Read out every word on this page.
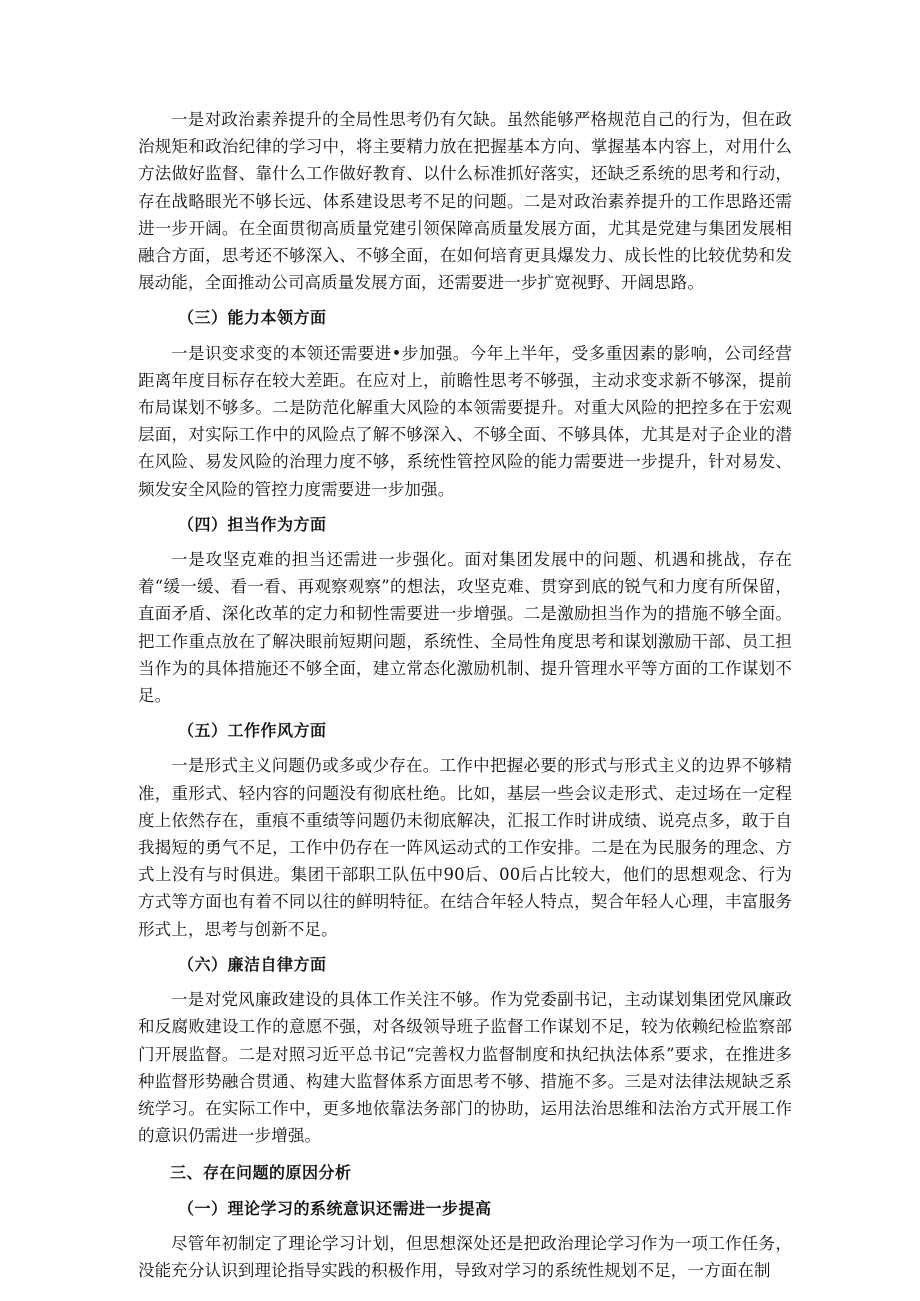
一是对政治素养提升的全局性思考仍有欠缺。虽然能够严格规范自己的行为，但在政治规矩和政治纪律的学习中，将主要精力放在把握基本方向、掌握基本内容上，对用什么方法做好监督、靠什么工作做好教育、以什么标准抓好落实，还缺乏系统的思考和行动，存在战略眼光不够长远、体系建设思考不足的问题。二是对政治素养提升的工作思路还需进一步开阔。在全面贯彻高质量党建引领保障高质量发展方面，尤其是党建与集团发展相融合方面，思考还不够深入、不够全面，在如何培育更具爆发力、成长性的比较优势和发展动能，全面推动公司高质量发展方面，还需要进一步扩宽视野、开阔思路。

（三）能力本领方面

一是识变求变的本领还需要进•步加强。今年上半年，受多重因素的影响，公司经营距离年度目标存在较大差距。在应对上，前瞻性思考不够强，主动求变求新不够深，提前布局谋划不够多。二是防范化解重大风险的本领需要提升。对重大风险的把控多在于宏观层面，对实际工作中的风险点了解不够深入、不够全面、不够具体，尤其是对子企业的潜在风险、易发风险的治理力度不够，系统性管控风险的能力需要进一步提升，针对易发、频发安全风险的管控力度需要进一步加强。

（四）担当作为方面

一是攻坚克难的担当还需进一步强化。面对集团发展中的问题、机遇和挑战，存在着“缓一缓、看一看、再观察观察”的想法，攻坚克难、贯穿到底的锐气和力度有所保留，直面矛盾、深化改革的定力和韧性需要进一步增强。二是激励担当作为的措施不够全面。把工作重点放在了解决眼前短期问题，系统性、全局性角度思考和谋划激励干部、员工担当作为的具体措施还不够全面，建立常态化激励机制、提升管理水平等方面的工作谋划不足。

（五）工作作风方面

一是形式主义问题仍或多或少存在。工作中把握必要的形式与形式主义的边界不够精准，重形式、轻内容的问题没有彻底杜绝。比如，基层一些会议走形式、走过场在一定程度上依然存在，重痕不重绩等问题仍未彻底解决，汇报工作时讲成绩、说亮点多，敢于自我揭短的勇气不足，工作中仍存在一阵风运动式的工作安排。二是在为民服务的理念、方式上没有与时俱进。集团干部职工队伍中90后、00后占比较大，他们的思想观念、行为方式等方面也有着不同以往的鲜明特征。在结合年轻人特点，契合年轻人心理，丰富服务形式上，思考与创新不足。

（六）廉洁自律方面

一是对党风廉政建设的具体工作关注不够。作为党委副书记，主动谋划集团党风廉政和反腐败建设工作的意愿不强，对各级领导班子监督工作谋划不足，较为依赖纪检监察部门开展监督。二是对照习近平总书记“完善权力监督制度和执纪执法体系”要求，在推进多种监督形势融合贯通、构建大监督体系方面思考不够、措施不多。三是对法律法规缺乏系统学习。在实际工作中，更多地依靠法务部门的协助，运用法治思维和法治方式开展工作的意识仍需进一步增强。

三、存在问题的原因分析
（一）理论学习的系统意识还需进一步提高

尽管年初制定了理论学习计划，但思想深处还是把政治理论学习作为一项工作任务，没能充分认识到理论指导实践的积极作用，导致对学习的系统性规划不足，一方面在制
